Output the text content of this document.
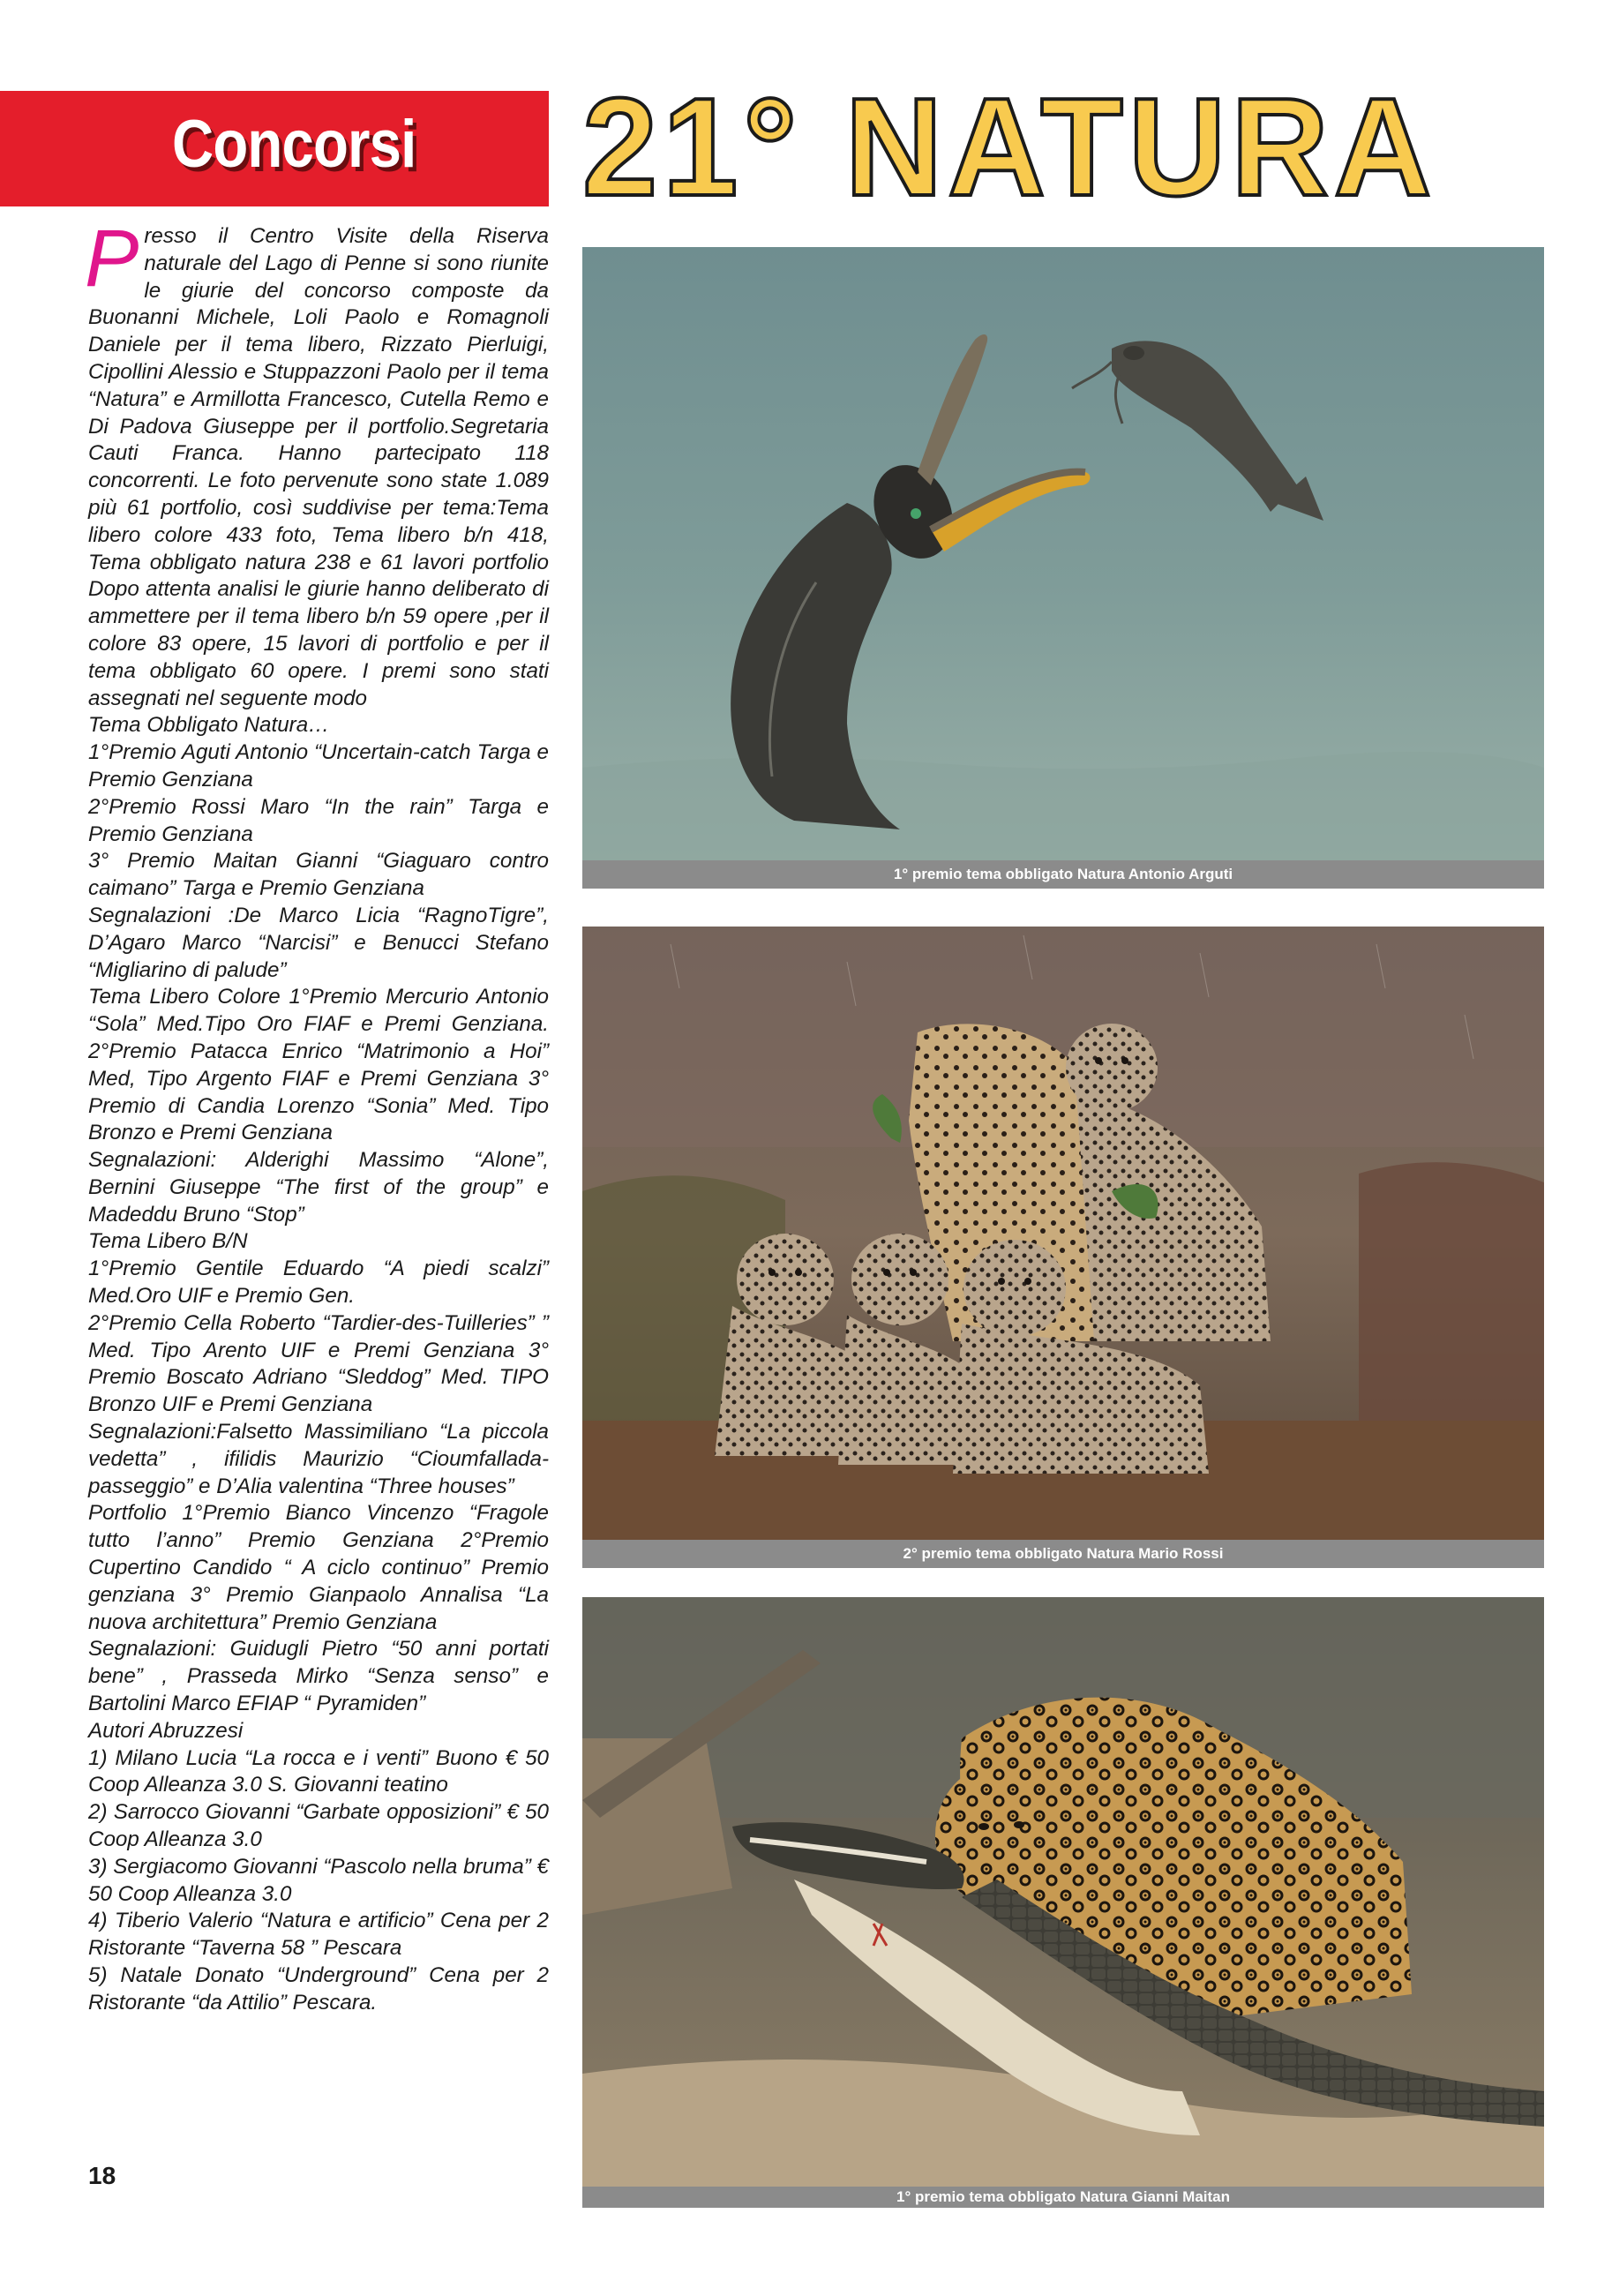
Concorsi 21° NATURA
P resso il Centro Visite della Riserva naturale del Lago di Penne si sono riunite le giurie del concorso composte da Buonanni Michele, Loli Paolo e Romagnoli Daniele per il tema libero, Rizzato Pierluigi, Cipollini Alessio e Stuppazzoni Paolo per il tema “Natura” e Armillotta Francesco, Cutella Remo e Di Padova Giuseppe per il portfolio.Segretaria Cauti Franca. Hanno partecipato 118 concorrenti. Le foto pervenute sono state 1.089 più 61 portfolio, così suddivise per tema:Tema libero colore 433 foto, Tema libero b/n 418, Tema obbligato natura 238 e 61 lavori portfolio Dopo attenta analisi le giurie hanno deliberato di ammettere per il tema libero b/n 59 opere ,per il colore 83 opere, 15 lavori di portfolio e per il tema obbligato 60 opere. I premi sono stati assegnati nel seguente modo
Tema Obbligato Natura…
1°Premio Aguti Antonio “Uncertain-catch Targa e Premio Genziana
2°Premio Rossi Maro “In the rain” Targa e Premio Genziana
3° Premio Maitan Gianni “Giaguaro contro caimano” Targa e Premio Genziana
Segnalazioni :De Marco Licia “RagnoTigre”, D’Agaro Marco “Narcisi” e Benucci Stefano “Migliarino di palude”
Tema Libero Colore 1°Premio Mercurio Antonio “Sola” Med.Tipo Oro FIAF e Premi Genziana. 2°Premio Patacca Enrico “Matrimonio a Hoi” Med, Tipo Argento FIAF e Premi Genziana 3° Premio di Candia Lorenzo “Sonia” Med. Tipo Bronzo e Premi Genziana
Segnalazioni: Alderighi Massimo “Alone”, Bernini Giuseppe “The first of the group” e Madeddu Bruno “Stop”
Tema Libero B/N
1°Premio Gentile Eduardo “A piedi scalzi” Med.Oro UIF e Premio Gen.
2°Premio Cella Roberto “Tardier-des-Tuilleries” ” Med. Tipo Arento UIF e Premi Genziana 3° Premio Boscato Adriano “Sleddog” Med. TIPO Bronzo UIF e Premi Genziana
Segnalazioni:Falsetto Massimiliano “La piccola vedetta” , ifilidis Maurizio “Cioumfallada-passeggio” e D’Alia valentina “Three houses”
Portfolio 1°Premio Bianco Vincenzo “Fragole tutto l’anno” Premio Genziana 2°Premio Cupertino Candido “ A ciclo continuo” Premio genziana 3° Premio Gianpaolo Annalisa “La nuova architettura” Premio Genziana
Segnalazioni: Guidugli Pietro “50 anni portati bene” , Prasseda Mirko “Senza senso” e Bartolini Marco EFIAP “ Pyramiden”
Autori Abruzzesi
1) Milano Lucia “La rocca e i venti” Buono € 50 Coop Alleanza 3.0 S. Giovanni teatino
2) Sarrocco Giovanni “Garbate opposizioni” € 50 Coop Alleanza 3.0
3) Sergiacomo Giovanni “Pascolo nella bruma” € 50 Coop Alleanza 3.0
4) Tiberio Valerio “Natura e artificio” Cena per 2 Ristorante “Taverna 58 ” Pescara
5) Natale Donato “Underground” Cena per 2 Ristorante “da Attilio” Pescara.
18
1° premio tema obbligato Natura Antonio Arguti
2° premio tema obbligato Natura Mario Rossi
1° premio tema obbligato Natura Gianni Maitan
